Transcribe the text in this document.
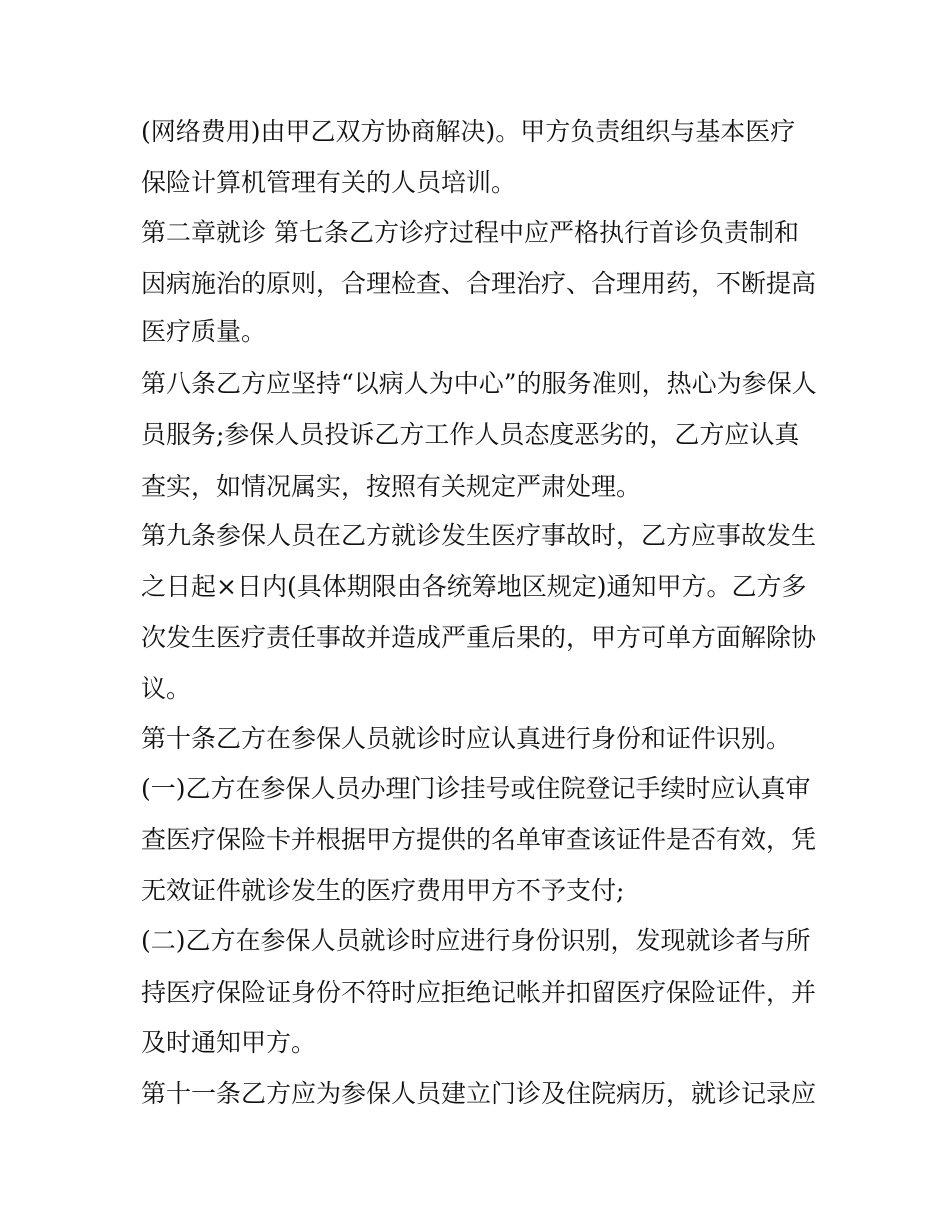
(网络费用)由甲乙双方协商解决)。甲方负责组织与基本医疗
保险计算机管理有关的人员培训。
第二章就诊 第七条乙方诊疗过程中应严格执行首诊负责制和
因病施治的原则，合理检查、合理治疗、合理用药，不断提高
医疗质量。
第八条乙方应坚持“以病人为中心”的服务准则，热心为参保人
员服务;参保人员投诉乙方工作人员态度恶劣的，乙方应认真
查实，如情况属实，按照有关规定严肃处理。
第九条参保人员在乙方就诊发生医疗事故时，乙方应事故发生
之日起×日内(具体期限由各统筹地区规定)通知甲方。乙方多
次发生医疗责任事故并造成严重后果的，甲方可单方面解除协
议。
第十条乙方在参保人员就诊时应认真进行身份和证件识别。
(一)乙方在参保人员办理门诊挂号或住院登记手续时应认真审
查医疗保险卡并根据甲方提供的名单审查该证件是否有效，凭
无效证件就诊发生的医疗费用甲方不予支付;
(二)乙方在参保人员就诊时应进行身份识别，发现就诊者与所
持医疗保险证身份不符时应拒绝记帐并扣留医疗保险证件，并
及时通知甲方。
第十一条乙方应为参保人员建立门诊及住院病历，就诊记录应
